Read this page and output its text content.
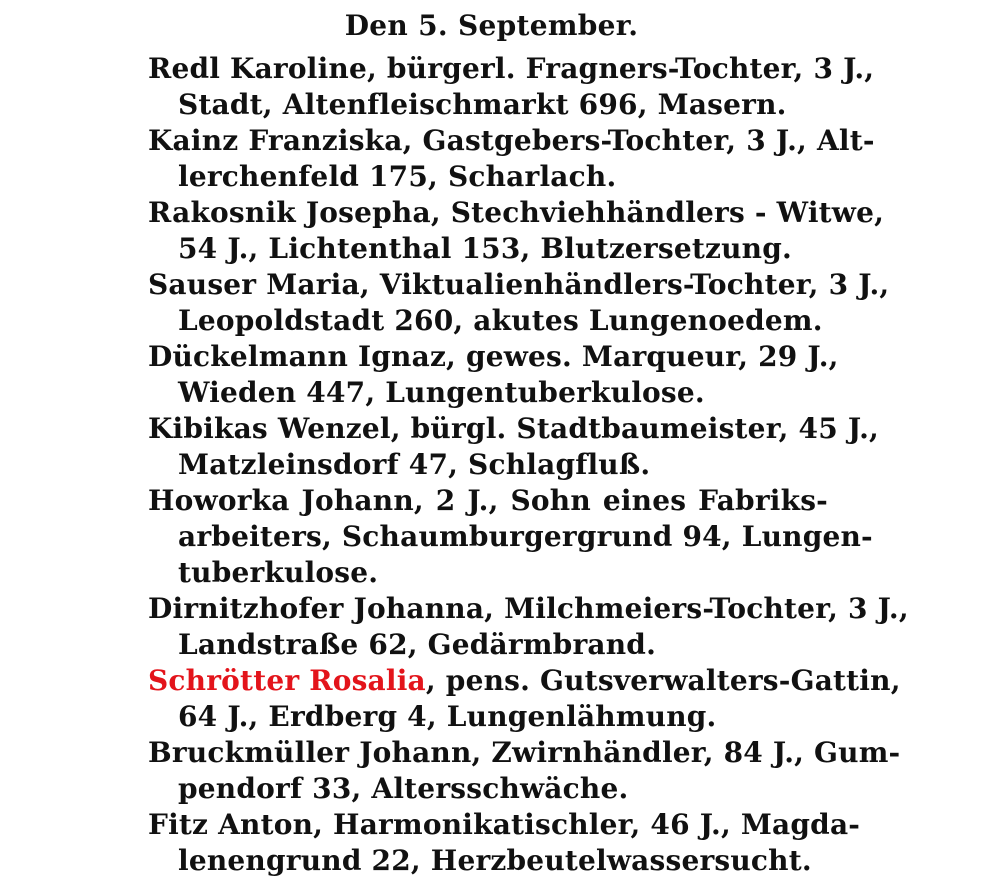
Den 5. September.
Redl Karoline, bürgerl. Fragners-Tochter, 3 J.,
Stadt, Altenfleischmarkt 696, Masern.
Kainz Franziska, Gastgebers-Tochter, 3 J., Alt-
lerchenfeld 175, Scharlach.
Rakosnik Josepha, Stechviehhändlers - Witwe,
54 J., Lichtenthal 153, Blutzersetzung.
Sauser Maria, Viktualienhändlers-Tochter, 3 J.,
Leopoldstadt 260, akutes Lungenoedem.
Dückelmann Ignaz, gewes. Marqueur, 29 J.,
Wieden 447, Lungentuberkulose.
Kibikas Wenzel, bürgl. Stadtbaumeister, 45 J.,
Matzleinsdorf 47, Schlagfluß.
Howorka Johann, 2 J., Sohn eines Fabriks-
arbeiters, Schaumburgergrund 94, Lungen-
tuberkulose.
Dirnitzhofer Johanna, Milchmeiers-Tochter, 3 J.,
Landstraße 62, Gedärmbrand.
Schrötter Rosalia, pens. Gutsverwalters-Gattin,
64 J., Erdberg 4, Lungenlähmung.
Bruckmüller Johann, Zwirnhändler, 84 J., Gum-
pendorf 33, Altersschwäche.
Fitz Anton, Harmonikatischler, 46 J., Magda-
lenengrund 22, Herzbeutelwassersucht.
